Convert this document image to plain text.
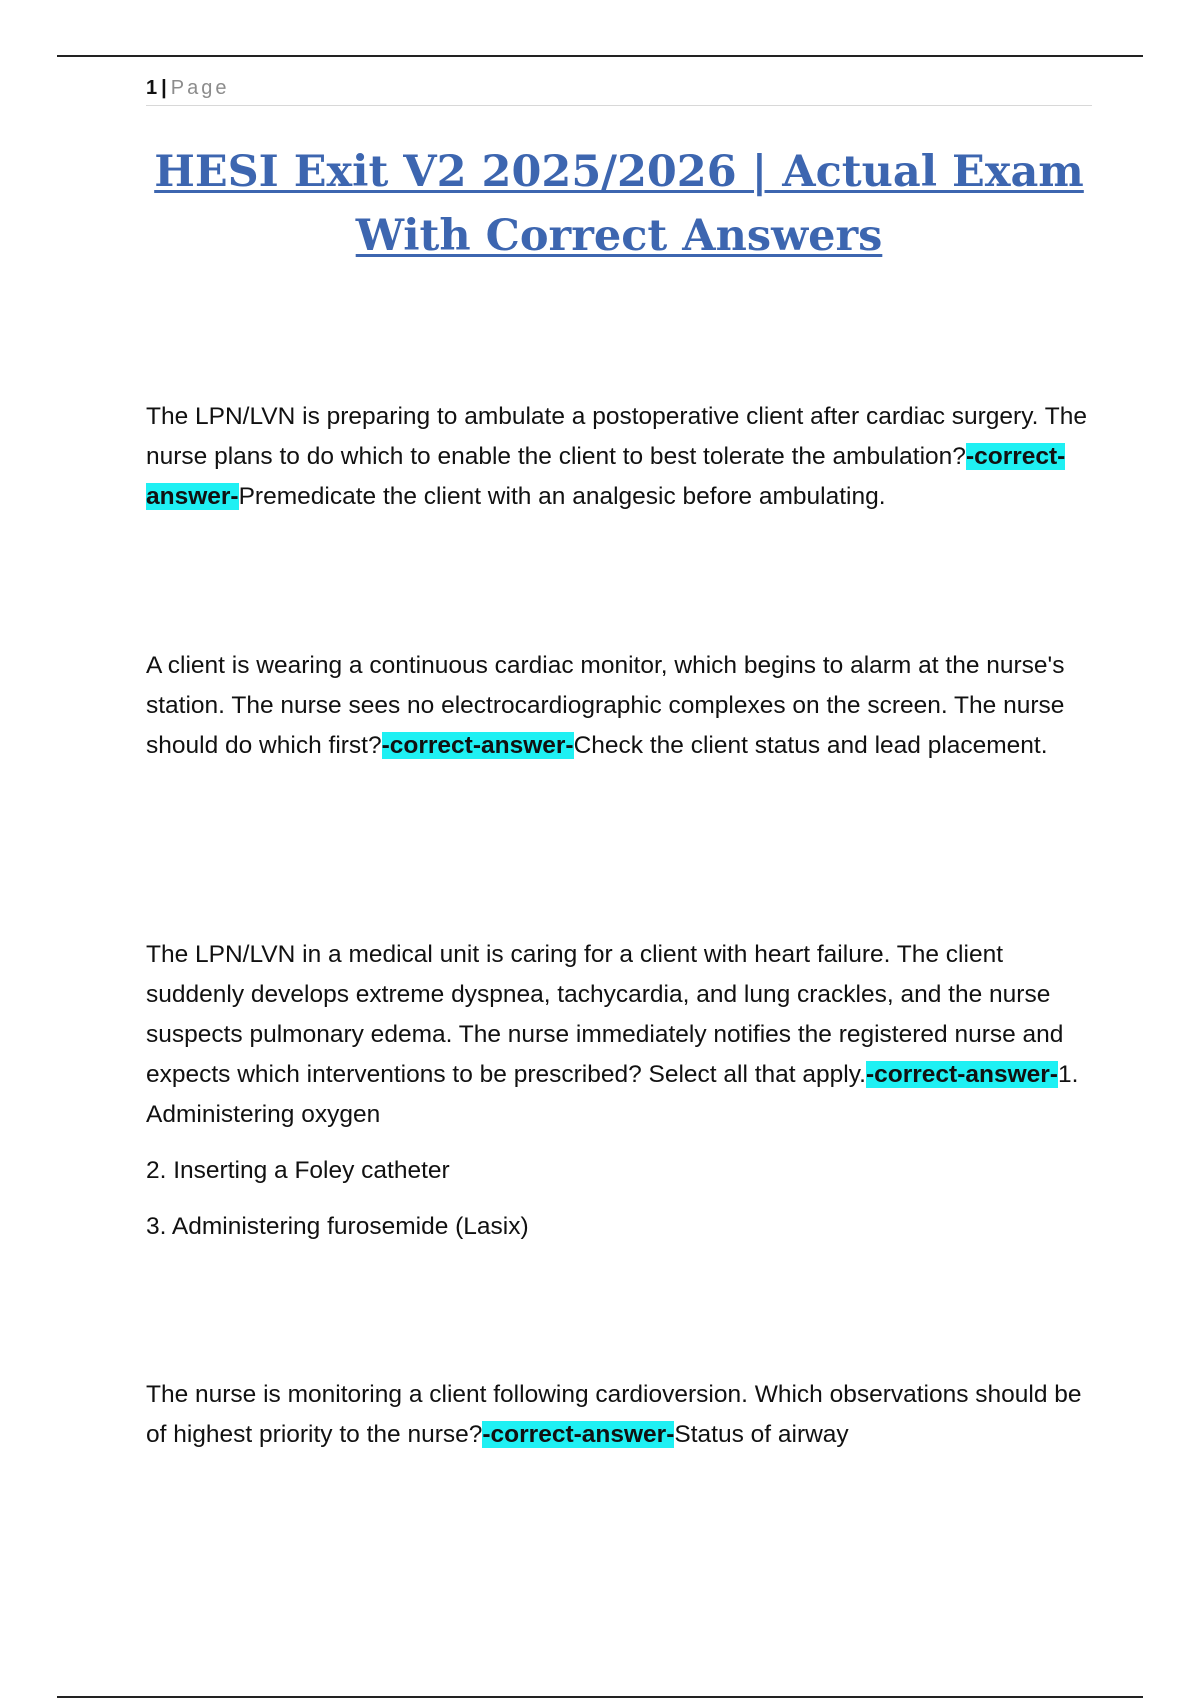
1 | Page
HESI Exit V2 2025/2026 | Actual Exam With Correct Answers

The LPN/LVN is preparing to ambulate a postoperative client after cardiac surgery. The nurse plans to do which to enable the client to best tolerate the ambulation?-correct-answer-Premedicate the client with an analgesic before ambulating.

A client is wearing a continuous cardiac monitor, which begins to alarm at the nurse's station. The nurse sees no electrocardiographic complexes on the screen. The nurse should do which first?-correct-answer-Check the client status and lead placement.

The LPN/LVN in a medical unit is caring for a client with heart failure. The client suddenly develops extreme dyspnea, tachycardia, and lung crackles, and the nurse suspects pulmonary edema. The nurse immediately notifies the registered nurse and expects which interventions to be prescribed? Select all that apply.-correct-answer-1. Administering oxygen

2. Inserting a Foley catheter

3. Administering furosemide (Lasix)

The nurse is monitoring a client following cardioversion. Which observations should be of highest priority to the nurse?-correct-answer-Status of airway
